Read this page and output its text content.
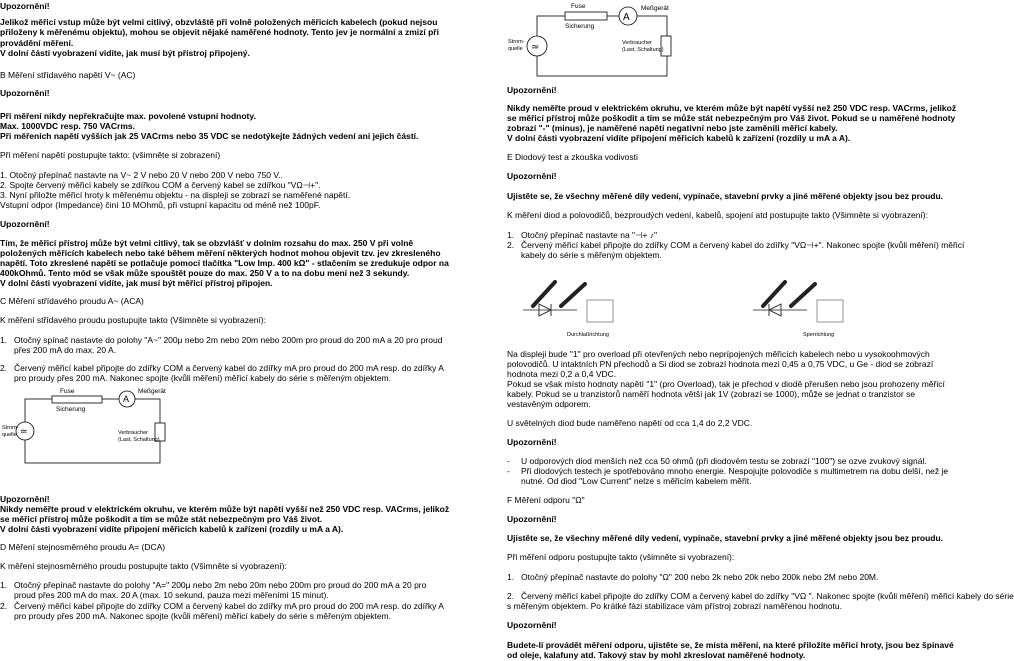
Upozornění!
Jelikož měřicí vstup může být velmi citlivý, obzvláště při volně položených měřicích kabelech (pokud nejsou
přiloženy k měřenému objektu), mohou se objevit nějaké naměřené hodnoty. Tento jev je normální a zmizí při
provádění měření.
V dolní části vyobrazení vidíte, jak musí být přístroj připojený.
B Měření střídavého napětí V~ (AC)
Upozornění!
Při měření nikdy nepřekračujte max. povolené vstupní hodnoty.
Max. 1000VDC resp. 750 VACrms.
Při měřeních napětí vyšších jak 25 VACrms nebo 35 VDC se nedotýkejte žádných vedení ani jejich částí.
Při měření napětí postupujte takto: (všimněte si zobrazení)
1. Otočný přepínač nastavte na V~ 2 V nebo 20 V nebo 200 V nebo 750 V..
2. Spojte červený měřicí kabely se zdířkou COM a červený kabel se zdířkou "VΩ⊣+".
3. Nyní přiložte měřicí hroty k měřenému objektu - na displeji se zobrazí se naměřené napětí.
Vstupní odpor (Impedance) činí 10 MOhmů, při vstupní kapacitu od méně než 100pF.
Upozornění!
Tím, že měřicí přístroj může být velmi citlivý, tak se obzvlášť v dolním rozsahu do max. 250 V při volně
položených měřicích kabelech nebo také během měření některých hodnot mohou objevit tzv. jev zkresleného
napětí. Toto zkreslené napětí se potlačuje pomocí tlačítka "Low Imp. 400 kΩ" - stlačením se zredukuje odpor na
400kOhmů. Tento mód se však může spouštět pouze do max. 250 V a to na dobu mení než 3 sekundy.
V dolní části vyobrazení vidíte, jak musí být měřicí přístroj připojen.
C Měření střídavého proudu A~ (ACA)
K měření střídavého proudu postupujte takto (Všimněte si vyobrazení):
1. Otočný spínač nastavte do polohy "A~" 200μ nebo 2m nebo 20m nebo 200m pro proud do 200 mA a 20 pro proud
přes 200 mA do max. 20 A.
2. Červený měřicí kabel připojte do zdířky COM a červený kabel do zdířky mA pro proud do 200 mA resp. do zdířky A
pro proudy přes 200 mA. Nakonec spojte (kvůli měření) měřicí kabely do série s měřeným objektem.
Fuse
Sicherung
A
Meßgerät
≃
Strom-
quelle	Verbraucher
(Last, Schaltung)
Upozornění!
Nikdy neměřte proud v elektrickém okruhu, ve kterém může být napětí vyšší než 250 VDC resp. VACrms, jelikož
se měřicí přístroj může poškodit a tím se může stát nebezpečným pro Váš život.
V dolní části vyobrazení vidíte připojení měřicích kabelů k zařízení (rozdíly u mA a A).
D Měření stejnosměrného proudu A= (DCA)
K měření stejnosměrného proudu postupujte takto (Všimněte si vyobrazení):
1. Otočný přepínač nastavte do polohy "A=" 200μ nebo 2m nebo 20m nebo 200m pro proud do 200 mA a 20 pro
proud přes 200 mA do max. 20 A (max. 10 sekund, pauza mezi měřeními 15 minut).
2. Červený měřicí kabel připojte do zdířky COM a červený kabel do zdířky mA pro proud do 200 mA resp. do zdířky A
pro proudy přes 200 mA. Nakonec spojte (kvůli měření) měřicí kabely do série s měřeným objektem.
Fuse
Sicherung
A
Meßgerät
≃
Strom-
quelle
Verbraucher
(Last, Schaltung)
Upozornění!
Nikdy neměřte proud v elektrickém okruhu, ve kterém může být napětí vyšší než 250 VDC resp. VACrms, jelikož
se měřicí přístroj může poškodit a tím se může stát nebezpečným pro Váš život. Pokud se u naměřené hodnoty
zobrazí "-" (minus), je naměřené napětí negativní nebo jste zaměnili měřicí kabely.
V dolní části vyobrazení vidíte připojení měřicích kabelů k zařízení (rozdíly u mA a A).
E Diodový test a zkouška vodivosti
Upozornění!
Ujistěte se, že všechny měřené díly vedení, vypínače, stavební prvky a jiné měřené objekty jsou bez proudu.
K měření diod a polovodičů, bezproudých vedení, kabelů, spojení atd postupujte takto (Všimněte si vyobrazení):
1. Otočný přepínač nastavte na "⊣+ ♪"
2. Červený měřicí kabel připojte do zdířky COM a červený kabel do zdířky "VΩ⊣+". Nakonec spojte (kvůli měření) měřicí
kabely do série s měřeným objektem.
Durchlaßrichtung	Sperrichtung
Na displeji bude "1" pro overload při otevřených nebo neprípojených měřicích kabelech nebo u vysokoohmových
polovodičů. U intaktních PN přechodů a Si diod se zobrazí hodnota mezi 0,45 a 0,75 VDC, u Ge - diod se zobrazí
hodnota mezi 0,2 a 0,4 VDC.
Pokud se však místo hodnoty napětí "1" (pro Overload), tak je přechod v diodě přerušen nebo jsou prohozeny měřicí
kabely. Pokud se u tranzistorů naměří hodnota větší jak 1V (zobrazí se 1000), může se jednat o tranzistor se
vestavěným odporem.
U světelných diod bude naměřeno napětí od cca 1,4 do 2,2 VDC.
Upozornění!
- U odporových diod menších než cca 50 ohmů (při diodovém testu se zobrazí "100") se ozve zvukový signál.
- Při diodových testech je spotřebováno mnoho energie. Nespojujte polovodiče s multimetrem na dobu delší, než je
nutné. Od diod "Low Current" nelze s měřicím kabelem měřit.
F Měření odporu "Ω"
Upozornění!
Ujistěte se, že všechny měřené díly vedení, vypínače, stavební prvky a jiné měřené objekty jsou bez proudu.
Při měření odporu postupujte takto (všimněte si vyobrazení):
1. Otočný přepínač nastavte do polohy "Ω" 200 nebo 2k nebo 20k nebo 200k nebo 2M nebo 20M.
2. Červený měřicí kabel připojte do zdířky COM a červený kabel do zdířky "VΩ ". Nakonec spojte (kvůli měření) měřicí kabely do série
s měřeným objektem. Po krátké fázi stabilizace vám přístroj zobrazí naměřenou hodnotu.
Upozornění!
Budete-li provádět měření odporu, ujistěte se, že místa měření, na které přiložíte měřicí hroty, jsou bez špinavé
od oleje, kalafuny atd. Takový stav by mohl zkreslovat naměřené hodnoty.
